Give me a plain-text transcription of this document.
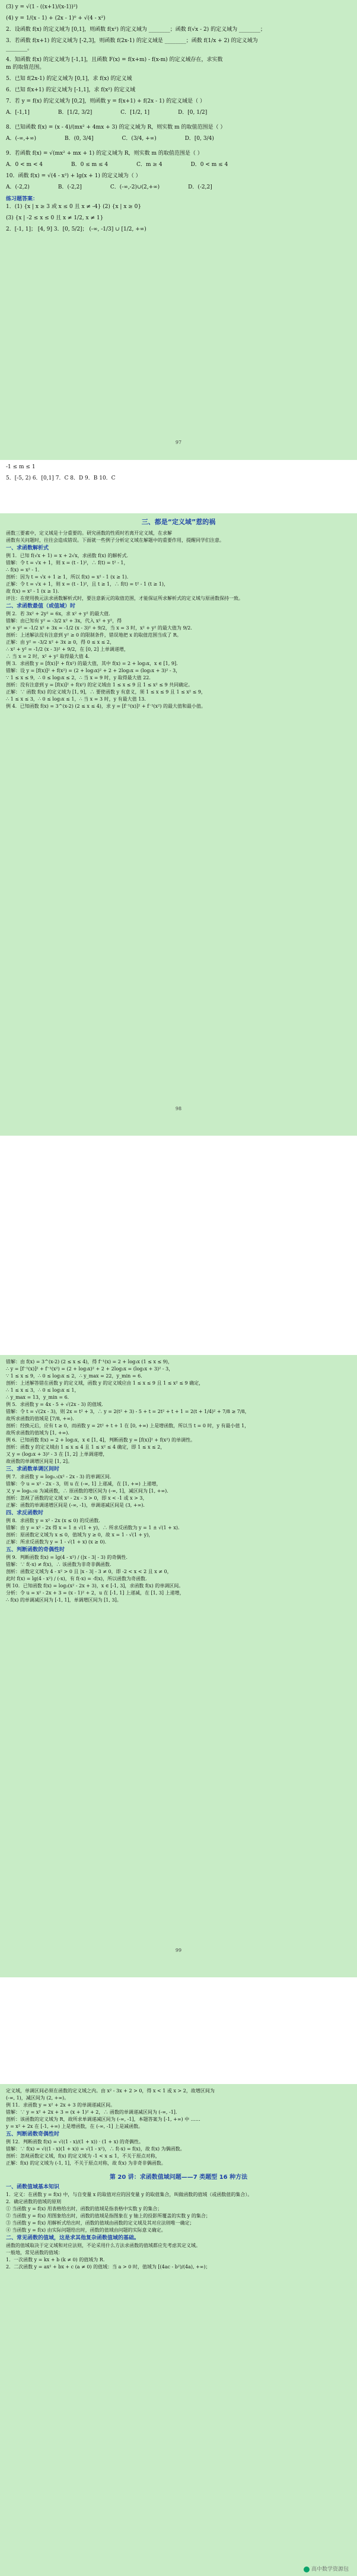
(3) y = √(1 - ((x+1)/(x-1))²)
(4) y = 1/(x - 1) + (2x - 1)⁰ + √(4 - x²)
2．设函数 f(x) 的定义域为 [0,1]，则函数 f(x²) 的定义域为 ________；函数 f(√x - 2) 的定义域为 ________；
3．若函数 f(x+1) 的定义域为 [-2,3]，则函数 f(2x-1) 的定义域是 ________；函数 f(1/x + 2) 的定义域为
________。
4．知函数 f(x) 的定义域为 [-1,1]，且函数 F(x) = f(x+m) - f(x-m) 的定义域存在，求实数
m 的取值范围。
5．已知 f(2x-1) 的定义域为 [0,1]，求 f(x) 的定义域
6．已知 f(x+1) 的定义域为 [-1,1]，求 f(x²) 的定义域
7．若 y = f(x) 的定义域为 [0,2]，则函数 y = f(x+1) + f(2x - 1) 的定义域是（ ）
A．[-1,1]	B．[1/2, 3/2]	C．[1/2, 1]	D．[0, 1/2]
8．已知函数 f(x) = (x - 4)/(mx² + 4mx + 3) 的定义域为 R，则实数 m 的取值范围是（ ）
A．(-∞,+∞)	B．(0, 3/4]	C．(3/4, +∞)	D．[0, 3/4)
9．若函数 f(x) = √(mx² + mx + 1) 的定义域为 R，则实数 m 的取值范围是（ ）
A．0 < m < 4	B．0 ≤ m ≤ 4	C．m ≥ 4	D．0 < m ≤ 4
10．函数 f(x) = √(4 - x²) + lg(x + 1) 的定义域为（ ）
A．(-2,2)	B．(-2,2]	C．(-∞,-2)∪(2,+∞)	D．(-2,2]
练习题答案：
1．(1) {x | x ≥ 3 或 x ≤ 0 且 x ≠ -4} (2) {x | x ≥ 0}
(3) {x | -2 ≤ x ≤ 0 且 x ≠ 1/2, x ≠ 1}
2．[-1, 1]； [4, 9] 3．[0, 5/2]； (-∞, -1/3] ∪ [1/2, +∞)
97
-1 ≤ m ≤ 1
5．[-5, 2) 6．[0,1] 7．C 8．D 9．B 10．C
三、都是“定义域”惹的祸
函数三要素中，定义域是十分重要的。研究函数的性质时若离开定义域，在求解
函数有关问题时，往往会造成错误。下面就一些例子分析定义域在解题中的重要作用，提醒同学们注意。
一、求函数解析式
例 1．已知 f(√x + 1) = x + 2√x，求函数 f(x) 的解析式．
错解：令 t = √x + 1，则 x = (t - 1)²，∴ f(t) = t² - 1，
∴ f(x) = x² - 1.
剖析：因为 t = √x + 1 ≥ 1，所以 f(x) = x² - 1 (x ≥ 1).
正解：令 t = √x + 1，则 x = (t - 1)²，且 t ≥ 1，∴ f(t) = t² - 1 (t ≥ 1)，
故 f(x) = x² - 1 (x ≥ 1).
评注：在使用换元法求函数解析式时，要注意新元的取值范围，才能保证所求解析式的定义域与原函数保持一致。
二、求函数最值（或值域）时
例 2．若 3x² + 2y² = 6x，求 x² + y² 的最大值．
错解：由已知有 y² = -3/2 x² + 3x，代入 x² + y²，得
x² + y² = -1/2 x² + 3x = -1/2 (x - 3)² + 9/2，当 x = 3 时，x² + y² 的最大值为 9/2.
剖析：上述解法没有注意到 y² ≥ 0 的限制条件，错误地把 x 的取值范围当成了 R。
正解：由 y² = -3/2 x² + 3x ≥ 0，得 0 ≤ x ≤ 2，
∴ x² + y² = -1/2 (x - 3)² + 9/2，在 [0, 2] 上单调递增，
∴ 当 x = 2 时，x² + y² 取得最大值 4.
例 3．求函数 y = [f(x)]² + f(x²) 的最大值，其中 f(x) = 2 + log₃x，x ∈ [1, 9].
错解：设 y = [f(x)]² + f(x²) = (2 + log₃x)² + 2 + 2log₃x = (log₃x + 3)² - 3，
∵ 1 ≤ x ≤ 9，∴ 0 ≤ log₃x ≤ 2，∴ 当 x = 9 时，y 取得最大值 22.
剖析：没有注意到 y = [f(x)]² + f(x²) 的定义域由 1 ≤ x ≤ 9 且 1 ≤ x² ≤ 9 共同确定。
正解：∵ 函数 f(x) 的定义域为 [1, 9]，∴ 要使函数 y 有意义，须 1 ≤ x ≤ 9 且 1 ≤ x² ≤ 9，
∴ 1 ≤ x ≤ 3，∴ 0 ≤ log₃x ≤ 1，∴ 当 x = 3 时，y 有最大值 13.
例 4．已知函数 f(x) = 3^(x-2) (2 ≤ x ≤ 4)，求 y = [f⁻¹(x)]² + f⁻¹(x²) 的最大值和最小值。
98
错解：由 f(x) = 3^(x-2) (2 ≤ x ≤ 4)，得 f⁻¹(x) = 2 + log₃x (1 ≤ x ≤ 9)，
∴ y = [f⁻¹(x)]² + f⁻¹(x²) = (2 + log₃x)² + 2 + 2log₃x = (log₃x + 3)² - 3，
∵ 1 ≤ x ≤ 9，∴ 0 ≤ log₃x ≤ 2，∴ y_max = 22，y_min = 6.
剖析：上述解答错在函数 y 的定义域，函数 y 的定义域应由 1 ≤ x ≤ 9 且 1 ≤ x² ≤ 9 确定，
∴ 1 ≤ x ≤ 3，∴ 0 ≤ log₃x ≤ 1，
∴ y_max = 13，y_min = 6.
例 5．求函数 y = 4x - 5 + √(2x - 3) 的值域．
错解：令 t = √(2x - 3)，则 2x = t² + 3，∴ y = 2(t² + 3) - 5 + t = 2t² + t + 1 = 2(t + 1/4)² + 7/8 ≥ 7/8，
故所求函数的值域是 [7/8, +∞).
剖析：经换元后，应有 t ≥ 0，而函数 y = 2t² + t + 1 在 [0, +∞) 上是增函数，所以当 t = 0 时，y 有最小值 1，
故所求函数的值域为 [1, +∞).
例 6．已知函数 f(x) = 2 + log₂x，x ∈ [1, 4]，判断函数 y = [f(x)]² + f(x²) 的单调性。
剖析：函数 y 的定义域由 1 ≤ x ≤ 4 且 1 ≤ x² ≤ 4 确定，即 1 ≤ x ≤ 2，
又 y = (log₂x + 3)² - 3 在 [1, 2] 上单调递增，
故函数的单调增区间是 [1, 2]。
三、求函数单调区间时
例 7．求函数 y = log₀.₅(x² - 2x - 3) 的单调区间．
错解：令 u = x² - 2x - 3，则 u 在 (-∞, 1] 上递减，在 [1, +∞) 上递增，
又 y = log₀.₅u 为减函数，∴ 原函数的增区间为 (-∞, 1]，减区间为 [1, +∞).
剖析：忽视了函数的定义域 x² - 2x - 3 > 0，即 x < -1 或 x > 3，
正解：函数的单调递增区间是 (-∞, -1)，单调递减区间是 (3, +∞).
四、求反函数时
例 8．求函数 y = x² - 2x (x ≤ 0) 的反函数.
错解：由 y = x² - 2x 得 x = 1 ± √(1 + y)，∴ 所求反函数为 y = 1 ± √(1 + x).
剖析：原函数定义域为 x ≤ 0，值域为 y ≥ 0，故 x = 1 - √(1 + y)，
正解：所求反函数为 y = 1 - √(1 + x) (x ≥ 0).
五、判断函数的奇偶性时
例 9．判断函数 f(x) = lg(4 - x²) / (|x - 3| - 3) 的奇偶性.
错解：∵ f(-x) ≠ f(x)，∴ 该函数为非奇非偶函数.
剖析：函数定义域为 4 - x² > 0 且 |x - 3| - 3 ≠ 0，即 -2 < x < 2 且 x ≠ 0，
此时 f(x) = lg(4 - x²) / (-x)，有 f(-x) = -f(x)，所以函数为奇函数.
例 10．已知函数 f(x) = log₂(x² - 2x + 3)，x ∈ [-1, 3]，求函数 f(x) 的单调区间。
分析：令 u = x² - 2x + 3 = (x - 1)² + 2，u 在 [-1, 1] 上递减，在 [1, 3] 上递增，
∴ f(x) 的单调减区间为 [-1, 1]，单调增区间为 [1, 3]。
99
定义域，单调区间必须在函数的定义域之内。由 x² - 3x + 2 > 0，得 x < 1 或 x > 2，故增区间为
(-∞, 1)，减区间为 (2, +∞)。
例 11．求函数 y = x² + 2x + 3 的单调递减区间。
错解：∵ y = x² + 2x + 3 = (x + 1)² + 2，∴ 函数的单调递减区间为 (-∞, -1].
剖析：该函数的定义域为 R，故所求单调递减区间为 (-∞, -1]，本题答案为 [-1, +∞) 中 ……
y = x² + 2x 在 [-1, +∞) 上是增函数，在 (-∞, -1] 上是减函数。
五、判断函数奇偶性时
例 12．判断函数 f(x) = √((1 - x)/(1 + x)) · (1 + x) 的奇偶性。
错解：∵ f(x) = √((1 - x)(1 + x)) = √(1 - x²)，∴ f(-x) = f(x)，故 f(x) 为偶函数。
剖析：忽视函数定义域，f(x) 的定义域为 -1 < x ≤ 1，不关于原点对称，
正解：f(x) 的定义域为 (-1, 1]，不关于原点对称，故 f(x) 为非奇非偶函数。
第 20 讲：求函数值域问题——7 类题型 16 种方法
一、函数值域基本知识
1．定义：在函数 y = f(x) 中，与自变量 x 的取值对应的因变量 y 的取值集合，叫做函数的值域（或函数值的集合）。
2．确定函数的值域的原则
① 当函数 y = f(x) 用表格给出时，函数的值域是指表格中实数 y 的集合；
② 当函数 y = f(x) 用图象给出时，函数的值域是指图象在 y 轴上的投影所覆盖的实数 y 的集合；
③ 当函数 y = f(x) 用解析式给出时，函数的值域由函数的定义域及其对应法则唯一确定；
④ 当函数 y = f(x) 由实际问题给出时，函数的值域由问题的实际意义确定。
二、常见函数的值域，这是求其他复杂函数值域的基础。
函数的值域取决于定义域和对应法则，不论采用什么方法求函数的值域都应先考虑其定义域。
一般地，常见函数的值域：
1．一次函数 y = kx + b (k ≠ 0) 的值域为 R.
2．二次函数 y = ax² + bx + c (a ≠ 0) 的值域：当 a > 0 时，值域为 [(4ac - b²)/(4a), +∞)；
高中数学资源包
